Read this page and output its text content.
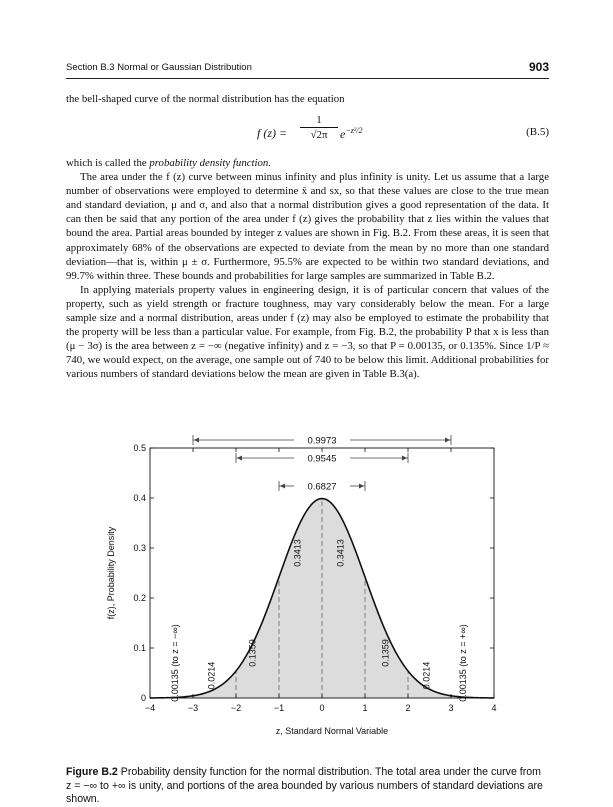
Section B.3 Normal or Gaussian Distribution	903

the bell-shaped curve of the normal distribution has the equation

f $(z) = \frac{1}{√2\pi} e^{-z^2/2}$	(B.5)

which is called the probability density function.

The area under the f (z) curve between minus infinity and plus infinity is unity. Let us assume that a large number of observations were employed to determine x̄ and sx, so that these values are close to the true mean and standard deviation, μ and σ, and also that a normal distribution gives a good representation of the data. It can then be said that any portion of the area under f (z) gives the probability that z lies within the values that bound the area. Partial areas bounded by integer z values are shown in Fig. B.2. From these areas, it is seen that approximately 68% of the observations are expected to deviate from the mean by no more than one standard deviation—that is, within μ ± σ. Furthermore, 95.5% are expected to be within two standard deviations, and 99.7% within three. These bounds and probabilities for large samples are summarized in Table B.2.

In applying materials property values in engineering design, it is of particular concern that values of the property, such as yield strength or fracture toughness, may vary considerably below the mean. For a large sample size and a normal distribution, areas under f (z) may also be employed to estimate the probability that the property will be less than a particular value. For example, from Fig. B.2, the probability P that x is less than (μ − 3σ) is the area between z = −∞ (negative infinity) and z = −3, so that P = 0.00135, or 0.135%. Since 1/P ≈ 740, we would expect, on the average, one sample out of 740 to be below this limit. Additional probabilities for various numbers of standard deviations below the mean are given in Table B.3(a).

−4	−3	−2	−1	0	1	2	3	4
0
0.1
0.2
0.3
0.4
0.5
0.9973
0.9545
0.6827
0.00135 (to z = −∞)	0.0214
0.1359
0.3413	0.3413
0.1359
0.0214	0.00135 (to z = +∞)
f(z), Probability Density
z, Standard Normal Variable
Figure B.2 Probability density function for the normal distribution. The total area under the curve from z = −∞ to +∞ is unity, and portions of the area bounded by various numbers of standard deviations are shown.
